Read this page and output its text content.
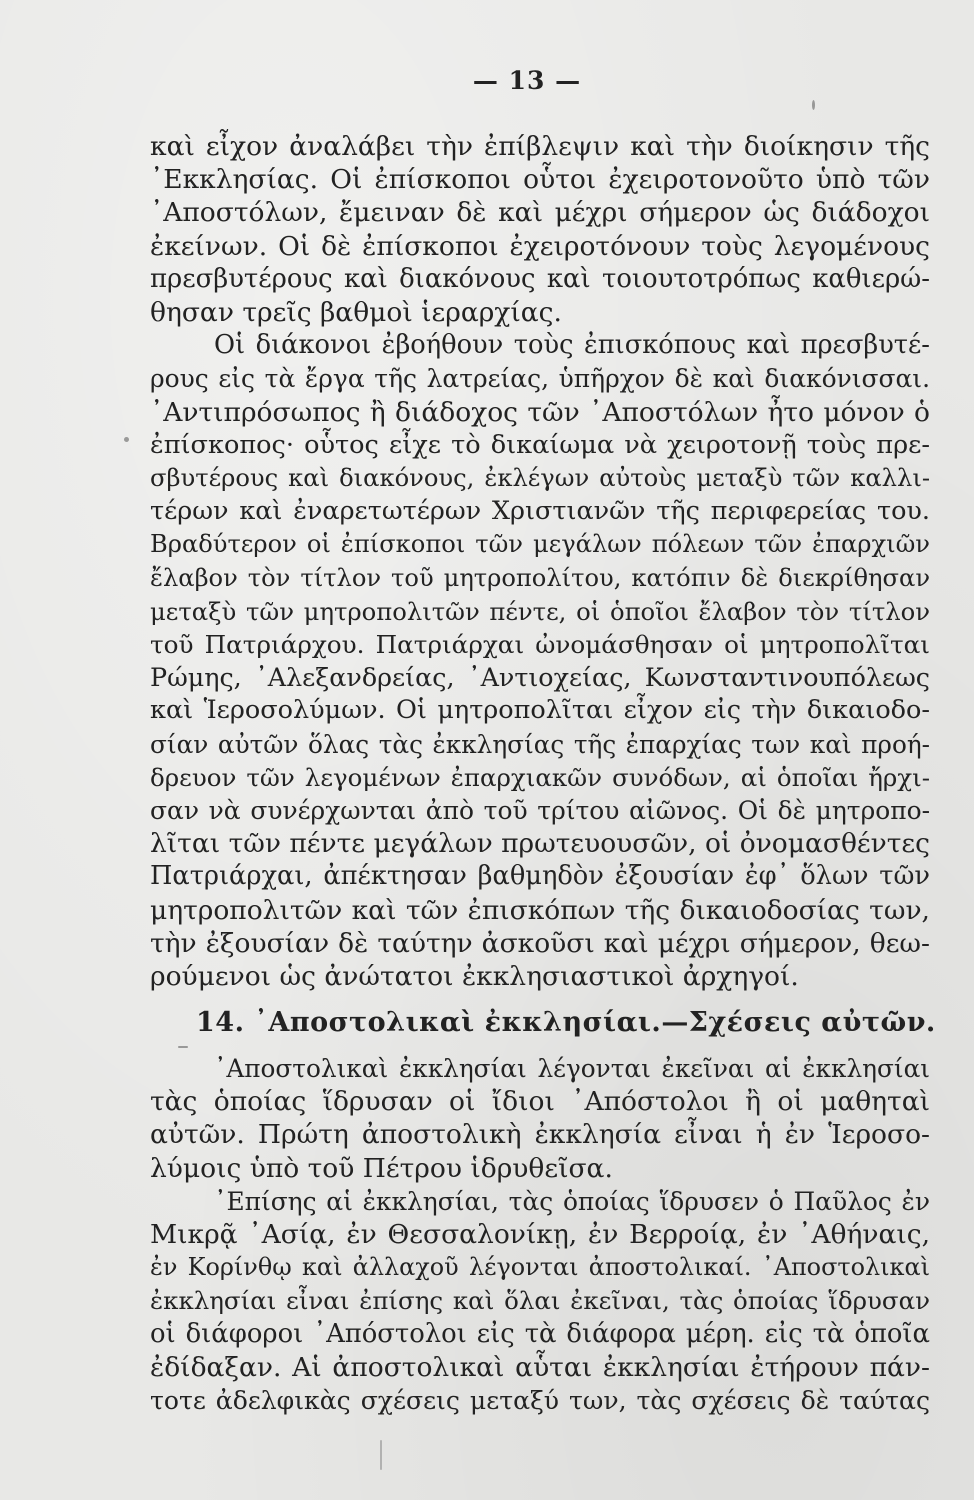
— 13 —
καὶ εἶχον ἀναλάβει τὴν ἐπίβλεψιν καὶ τὴν διοίκησιν τῆς
᾿Εκκλησίας. Οἱ ἐπίσκοποι οὗτοι ἐχειροτονοῦτο ὑπὸ τῶν
᾿Αποστόλων, ἔμειναν δὲ καὶ μέχρι σήμερον ὡς διάδοχοι
ἐκείνων. Οἱ δὲ ἐπίσκοποι ἐχειροτόνουν τοὺς λεγομένους
πρεσβυτέρους καὶ διακόνους καὶ τοιουτοτρόπως καθιερώ-
θησαν τρεῖς βαθμοὶ ἱεραρχίας.
Οἱ διάκονοι ἐβοήθουν τοὺς ἐπισκόπους καὶ πρεσβυτέ-
ρους εἰς τὰ ἔργα τῆς λατρείας, ὑπῆρχον δὲ καὶ διακόνισσαι.
᾿Αντιπρόσωπος ἢ διάδοχος τῶν ᾿Αποστόλων ἦτο μόνον ὁ
ἐπίσκοπος· οὗτος εἶχε τὸ δικαίωμα νὰ χειροτονῇ τοὺς πρε-
σβυτέρους καὶ διακόνους, ἐκλέγων αὐτοὺς μεταξὺ τῶν καλλι-
τέρων καὶ ἐναρετωτέρων Χριστιανῶν τῆς περιφερείας του.
Βραδύτερον οἱ ἐπίσκοποι τῶν μεγάλων πόλεων τῶν ἐπαρχιῶν
ἔλαβον τὸν τίτλον τοῦ μητροπολίτου, κατόπιν δὲ διεκρίθησαν
μεταξὺ τῶν μητροπολιτῶν πέντε, οἱ ὁποῖοι ἔλαβον τὸν τίτλον
τοῦ Πατριάρχου. Πατριάρχαι ὠνομάσθησαν οἱ μητροπολῖται
Ρώμης, ᾿Αλεξανδρείας, ᾿Αντιοχείας, Κωνσταντινουπόλεως
καὶ Ἱεροσολύμων. Οἱ μητροπολῖται εἶχον εἰς τὴν δικαιοδο-
σίαν αὐτῶν ὅλας τὰς ἐκκλησίας τῆς ἐπαρχίας των καὶ προή-
δρευον τῶν λεγομένων ἐπαρχιακῶν συνόδων, αἱ ὁποῖαι ἤρχι-
σαν νὰ συνέρχωνται ἀπὸ τοῦ τρίτου αἰῶνος. Οἱ δὲ μητροπο-
λῖται τῶν πέντε μεγάλων πρωτευουσῶν, οἱ ὀνομασθέντες
Πατριάρχαι, ἀπέκτησαν βαθμηδὸν ἐξουσίαν ἐφ᾿ ὅλων τῶν
μητροπολιτῶν καὶ τῶν ἐπισκόπων τῆς δικαιοδοσίας των,
τὴν ἐξουσίαν δὲ ταύτην ἀσκοῦσι καὶ μέχρι σήμερον, θεω-
ρούμενοι ὡς ἀνώτατοι ἐκκλησιαστικοὶ ἀρχηγοί.
14. ᾿Αποστολικαὶ ἐκκλησίαι.—Σχέσεις αὐτῶν.
᾿Αποστολικαὶ ἐκκλησίαι λέγονται ἐκεῖναι αἱ ἐκκλησίαι
τὰς ὁποίας ἵδρυσαν οἱ ἴδιοι ᾿Απόστολοι ἢ οἱ μαθηταὶ
αὐτῶν. Πρώτη ἀποστολικὴ ἐκκλησία εἶναι ἡ ἐν Ἱεροσο-
λύμοις ὑπὸ τοῦ Πέτρου ἱδρυθεῖσα.
᾿Επίσης αἱ ἐκκλησίαι, τὰς ὁποίας ἵδρυσεν ὁ Παῦλος ἐν
Μικρᾷ ᾿Ασίᾳ, ἐν Θεσσαλονίκῃ, ἐν Βερροίᾳ, ἐν ᾿Αθήναις,
ἐν Κορίνθῳ καὶ ἀλλαχοῦ λέγονται ἀποστολικαί. ᾿Αποστολικαὶ
ἐκκλησίαι εἶναι ἐπίσης καὶ ὅλαι ἐκεῖναι, τὰς ὁποίας ἵδρυσαν
οἱ διάφοροι ᾿Απόστολοι εἰς τὰ διάφορα μέρη. εἰς τὰ ὁποῖα
ἐδίδαξαν. Αἱ ἀποστολικαὶ αὗται ἐκκλησίαι ἐτήρουν πάν-
τοτε ἀδελφικὰς σχέσεις μεταξύ των, τὰς σχέσεις δὲ ταύτας
